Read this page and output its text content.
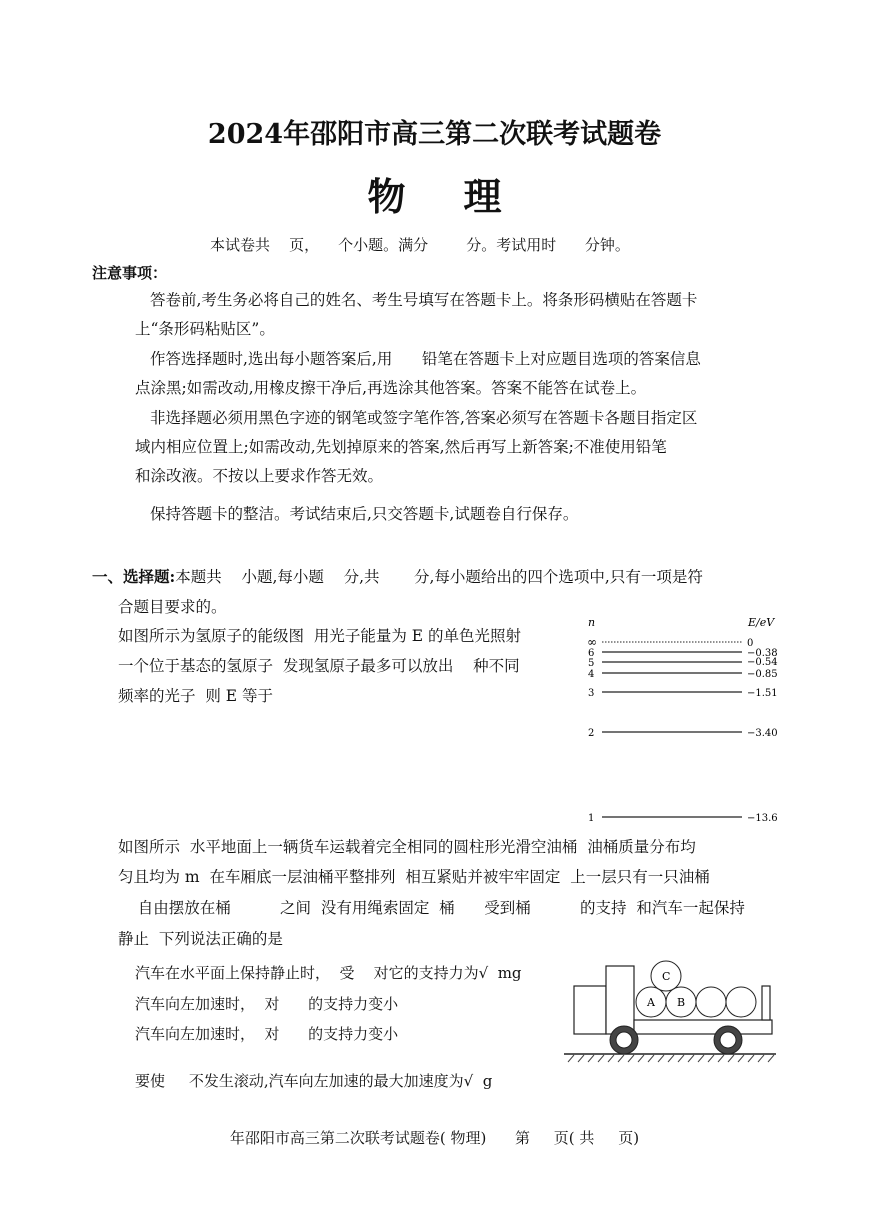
2024年邵阳市高三第二次联考试题卷
物 理
本试卷共    页，    个小题。满分        分。考试用时      分钟。
注意事项：
答卷前,考生务必将自己的姓名、考生号填写在答题卡上。将条形码横贴在答题卡
上“条形码粘贴区”。
作答选择题时,选出每小题答案后,用      铅笔在答题卡上对应题目选项的答案信息
点涂黑;如需改动,用橡皮擦干净后,再选涂其他答案。答案不能答在试卷上。
非选择题必须用黑色字迹的钢笔或签字笔作答,答案必须写在答题卡各题目指定区
域内相应位置上;如需改动,先划掉原来的答案,然后再写上新答案;不准使用铅笔
和涂改液。不按以上要求作答无效。
保持答题卡的整洁。考试结束后,只交答题卡,试题卷自行保存。
一、选择题:本题共    小题,每小题    分,共       分,每小题给出的四个选项中,只有一项是符
合题目要求的。
如图所示为氢原子的能级图  用光子能量为 E 的单色光照射
一个位于基态的氢原子  发现氢原子最多可以放出    种不同
频率的光子  则 E 等于
n	E/eV
∞
6
5
4
3
2
1
0
−0.38
−0.54
−0.85
−1.51
−3.40
−13.6
如图所示  水平地面上一辆货车运载着完全相同的圆柱形光滑空油桶  油桶质量分布均
匀且均为 m  在车厢底一层油桶平整排列  相互紧贴并被牢牢固定  上一层只有一只油桶
自由摆放在桶          之间  没有用绳索固定  桶      受到桶          的支持  和汽车一起保持
静止  下列说法正确的是
汽车在水平面上保持静止时，  受    对它的支持力为√  mg
汽车向左加速时，  对      的支持力变小
汽车向左加速时，  对      的支持力变小
要使     不发生滚动,汽车向左加速的最大加速度为√  g
A B
C
年邵阳市高三第二次联考试题卷( 物理)      第     页( 共     页)
